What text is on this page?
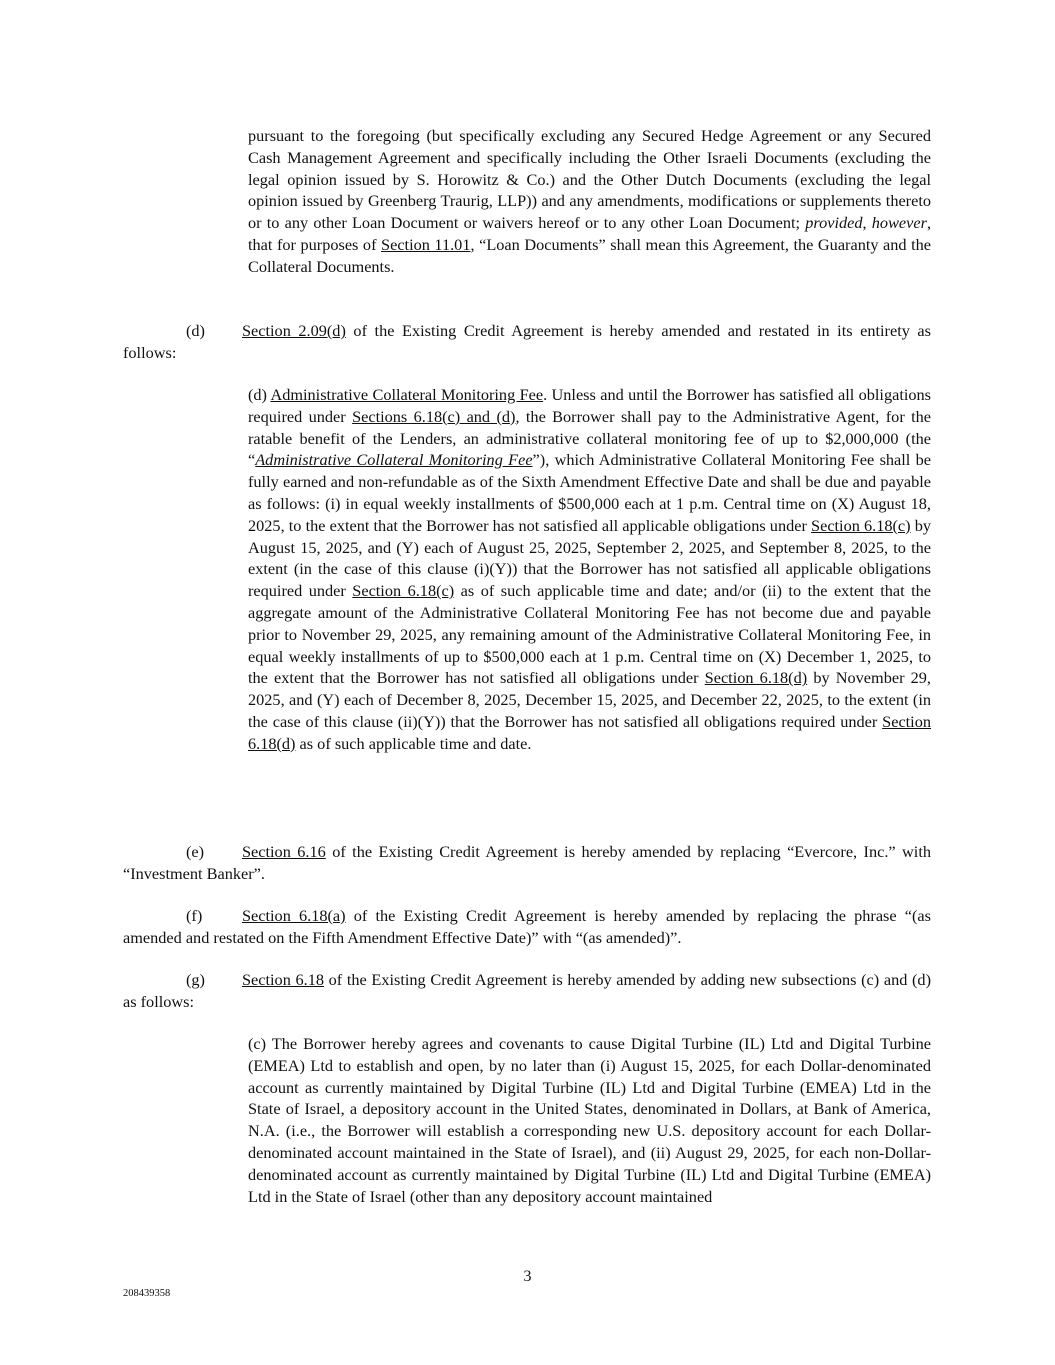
pursuant to the foregoing (but specifically excluding any Secured Hedge Agreement or any Secured Cash Management Agreement and specifically including the Other Israeli Documents (excluding the legal opinion issued by S. Horowitz & Co.) and the Other Dutch Documents (excluding the legal opinion issued by Greenberg Traurig, LLP)) and any amendments, modifications or supplements thereto or to any other Loan Document or waivers hereof or to any other Loan Document; provided, however, that for purposes of Section 11.01, “Loan Documents” shall mean this Agreement, the Guaranty and the Collateral Documents.
(d) Section 2.09(d) of the Existing Credit Agreement is hereby amended and restated in its entirety as follows:
(d) Administrative Collateral Monitoring Fee. Unless and until the Borrower has satisfied all obligations required under Sections 6.18(c) and (d), the Borrower shall pay to the Administrative Agent, for the ratable benefit of the Lenders, an administrative collateral monitoring fee of up to $2,000,000 (the “Administrative Collateral Monitoring Fee”), which Administrative Collateral Monitoring Fee shall be fully earned and non-refundable as of the Sixth Amendment Effective Date and shall be due and payable as follows: (i) in equal weekly installments of $500,000 each at 1 p.m. Central time on (X) August 18, 2025, to the extent that the Borrower has not satisfied all applicable obligations under Section 6.18(c) by August 15, 2025, and (Y) each of August 25, 2025, September 2, 2025, and September 8, 2025, to the extent (in the case of this clause (i)(Y)) that the Borrower has not satisfied all applicable obligations required under Section 6.18(c) as of such applicable time and date; and/or (ii) to the extent that the aggregate amount of the Administrative Collateral Monitoring Fee has not become due and payable prior to November 29, 2025, any remaining amount of the Administrative Collateral Monitoring Fee, in equal weekly installments of up to $500,000 each at 1 p.m. Central time on (X) December 1, 2025, to the extent that the Borrower has not satisfied all obligations under Section 6.18(d) by November 29, 2025, and (Y) each of December 8, 2025, December 15, 2025, and December 22, 2025, to the extent (in the case of this clause (ii)(Y)) that the Borrower has not satisfied all obligations required under Section 6.18(d) as of such applicable time and date.
(e) Section 6.16 of the Existing Credit Agreement is hereby amended by replacing “Evercore, Inc.” with “Investment Banker”.
(f) Section 6.18(a) of the Existing Credit Agreement is hereby amended by replacing the phrase “(as amended and restated on the Fifth Amendment Effective Date)” with “(as amended)”.
(g) Section 6.18 of the Existing Credit Agreement is hereby amended by adding new subsections (c) and (d) as follows:
(c) The Borrower hereby agrees and covenants to cause Digital Turbine (IL) Ltd and Digital Turbine (EMEA) Ltd to establish and open, by no later than (i) August 15, 2025, for each Dollar-denominated account as currently maintained by Digital Turbine (IL) Ltd and Digital Turbine (EMEA) Ltd in the State of Israel, a depository account in the United States, denominated in Dollars, at Bank of America, N.A. (i.e., the Borrower will establish a corresponding new U.S. depository account for each Dollar-denominated account maintained in the State of Israel), and (ii) August 29, 2025, for each non-Dollar-denominated account as currently maintained by Digital Turbine (IL) Ltd and Digital Turbine (EMEA) Ltd in the State of Israel (other than any depository account maintained
3
208439358
